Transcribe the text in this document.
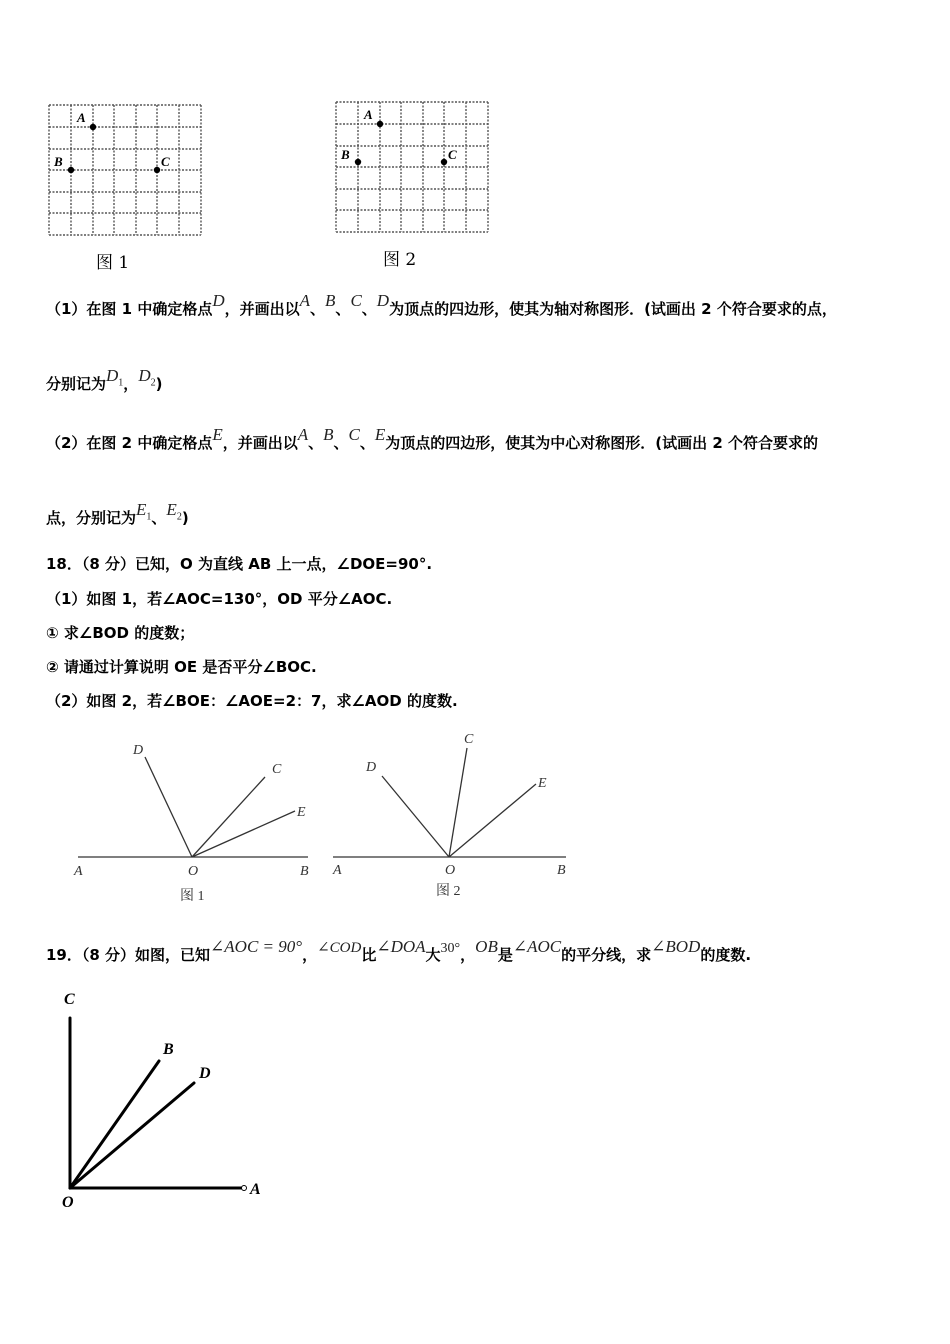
A
B	C
图 1
A
B	C
图 2
（1）在图 1 中确定格点D，并画出以A、B、C、D为顶点的四边形，使其为轴对称图形．(试画出 2 个符合要求的点，
分别记为$D_1$，$D_2$)
（2）在图 2 中确定格点E，并画出以A、B、C、E为顶点的四边形，使其为中心对称图形．(试画出 2 个符合要求的
点，分别记为$E_1$、$E_2$)
18．（8 分）已知，O 为直线 AB 上一点，∠DOE=90°.
（1）如图 1，若∠AOC=130°，OD 平分∠AOC.
① 求∠BOD 的度数；
② 请通过计算说明 OE 是否平分∠BOC.
（2）如图 2，若∠BOE：∠AOE=2：7，求∠AOD 的度数.
D
C
E
A	O	B
图 1
D
C
E
A	O	B
图 2
19．（8 分）如图，已知∠AOC = 90°，∠COD比∠DOA大30°，OB是∠AOC的平分线，求∠BOD的度数.
C
B
D
O
A
